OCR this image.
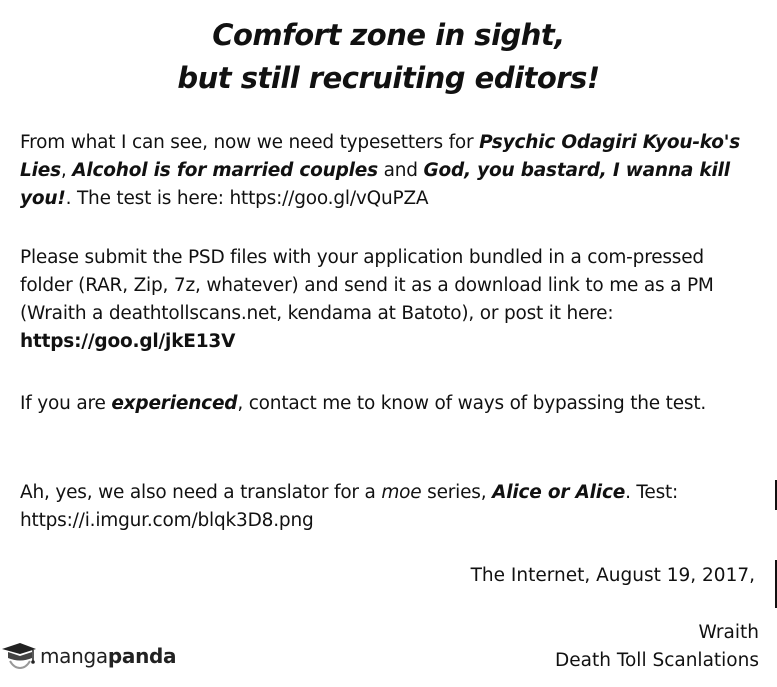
Comfort zone in sight,
but still recruiting editors!

From what I can see, now we need typesetters for Psychic Odagiri Kyou-ko's Lies, Alcohol is for married couples and God, you bastard, I wanna kill you!. The test is here: https://goo.gl/vQuPZA

Please submit the PSD files with your application bundled in a com-pressed folder (RAR, Zip, 7z, whatever) and send it as a download link to me as a PM (Wraith a deathtollscans.net, kendama at Batoto), or post it here: https://goo.gl/jkE13V

If you are experienced, contact me to know of ways of bypassing the test.

Ah, yes, we also need a translator for a moe series, Alice or Alice. Test: https://i.imgur.com/blqk3D8.png

The Internet, August 19, 2017,

Wraith

Death Toll Scanlations

mangapanda
